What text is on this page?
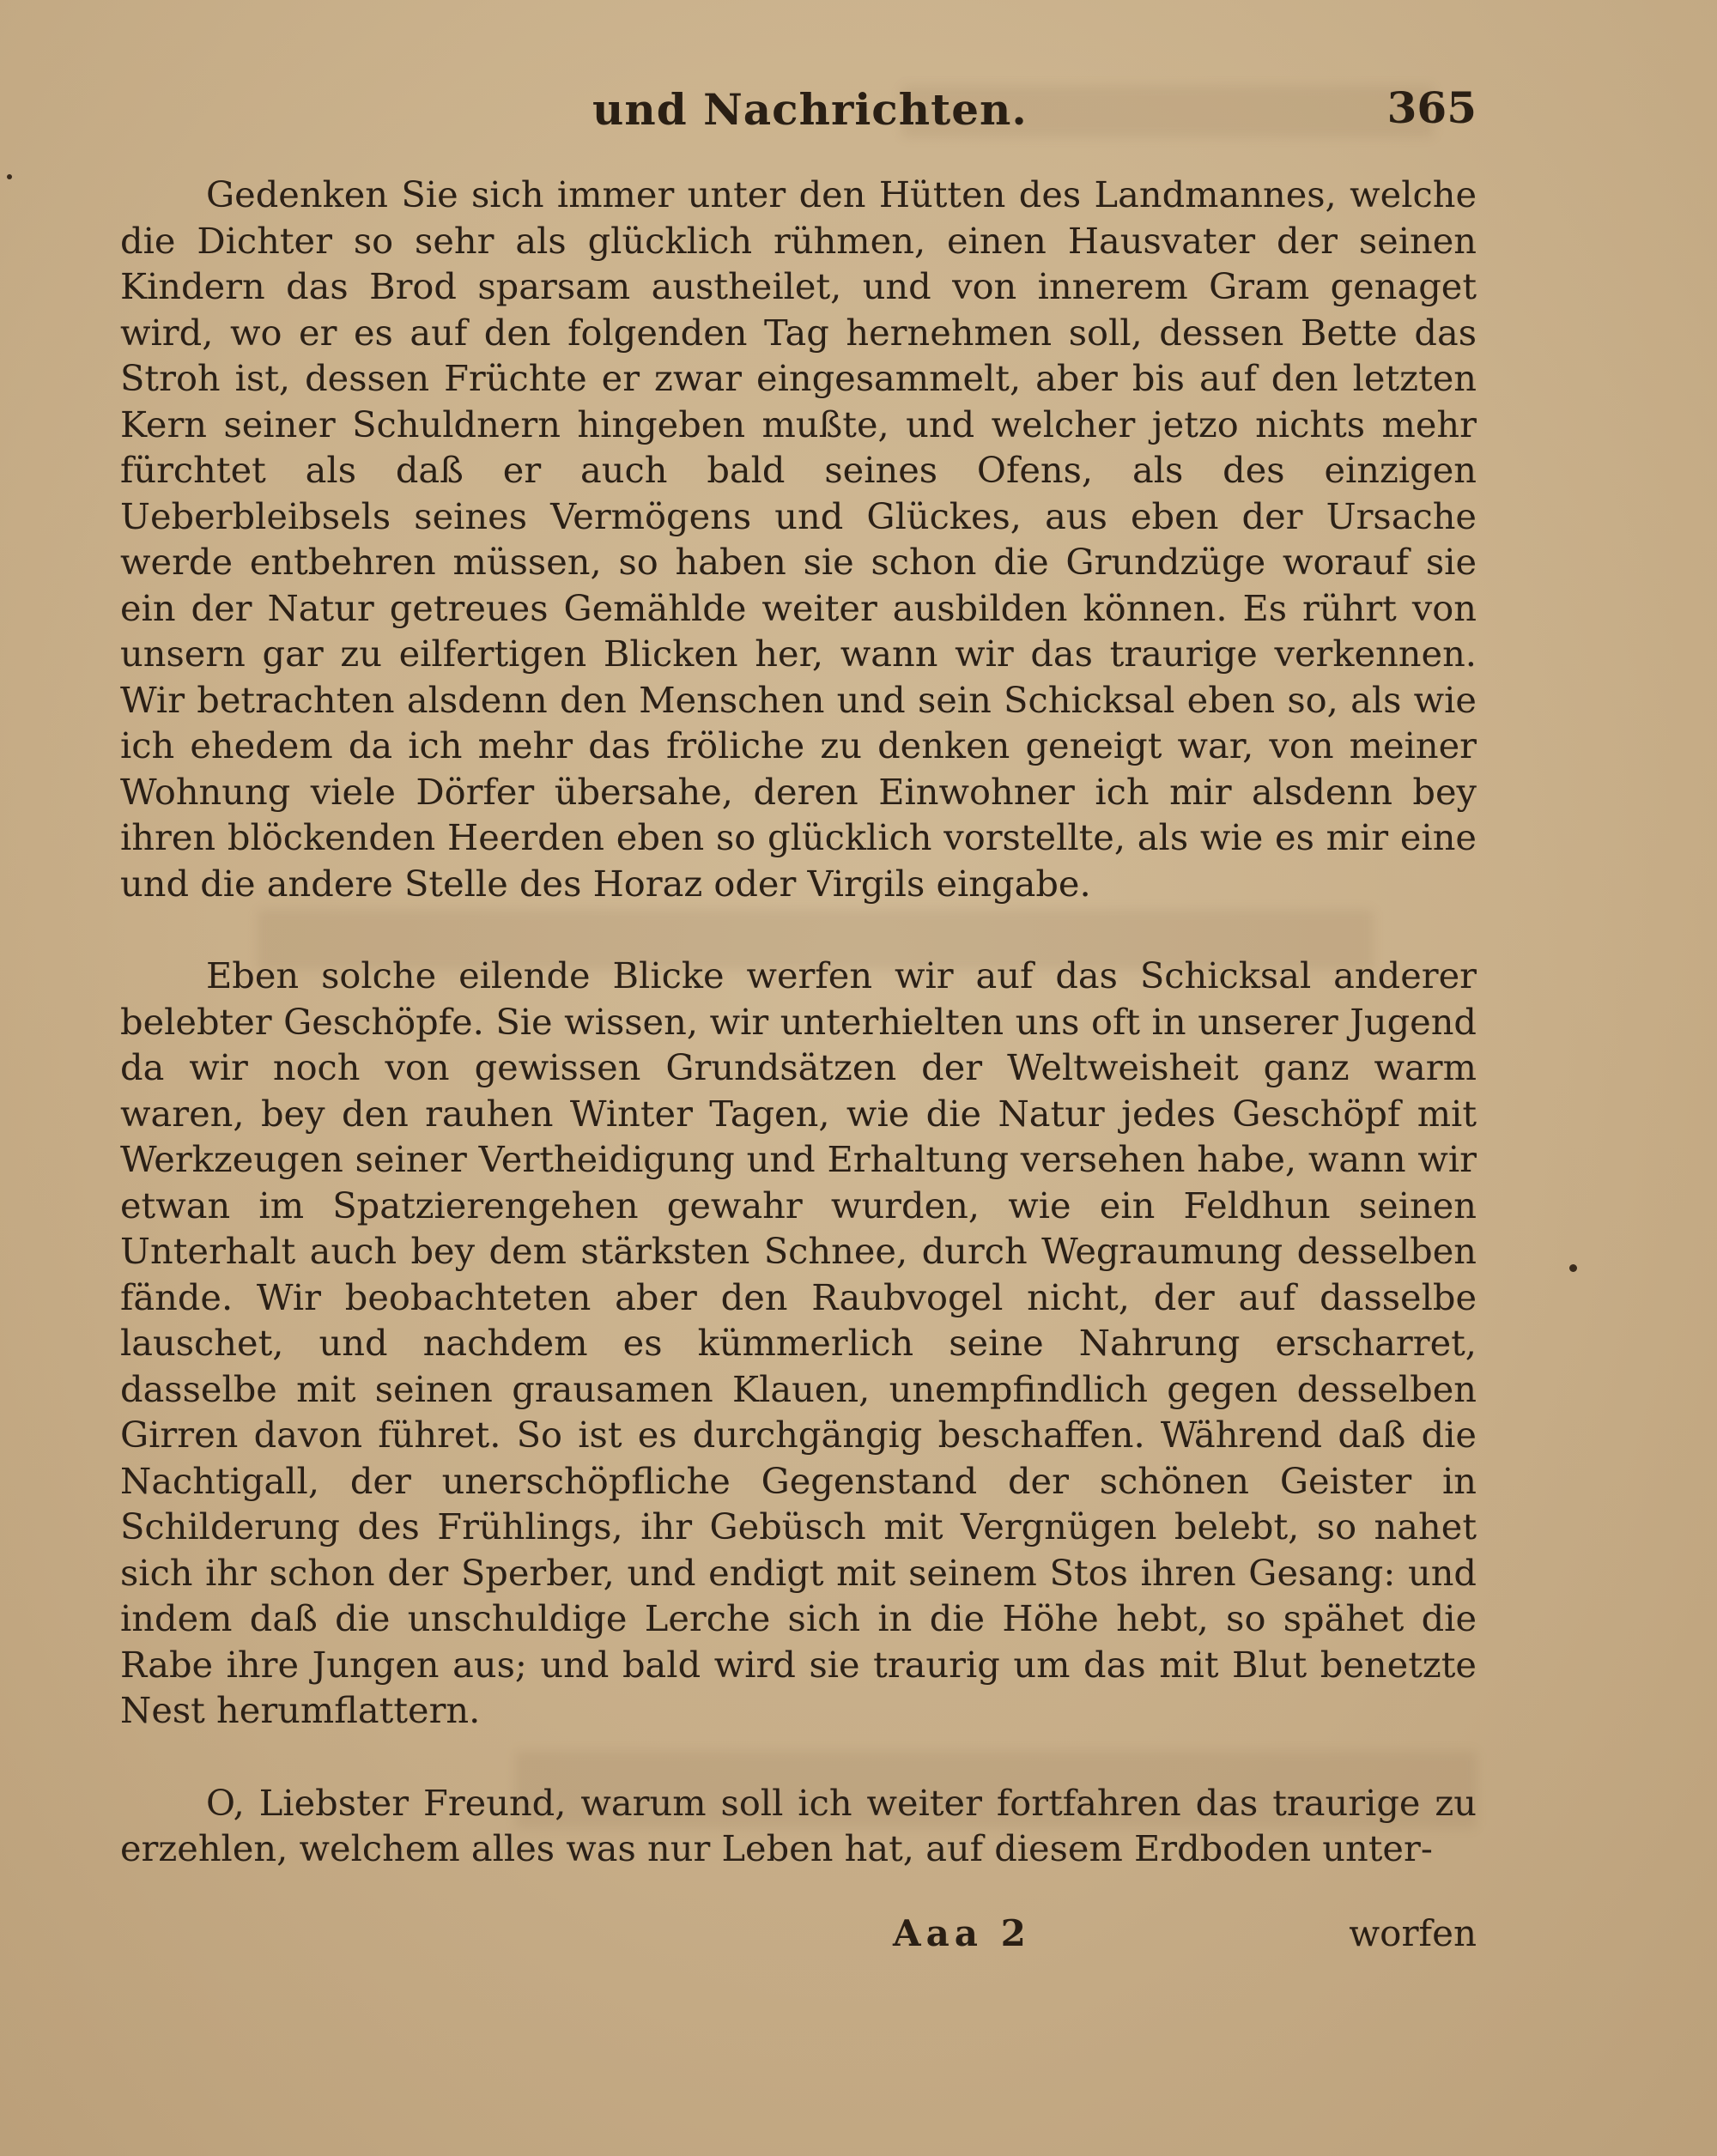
und Nachrichten.	365

Gedenken Sie sich immer unter den Hütten des Landmannes, welche die Dichter so sehr als glücklich rühmen, einen Hausvater der seinen Kindern das Brod sparsam austheilet, und von innerem Gram genaget wird, wo er es auf den folgenden Tag hernehmen soll, dessen Bette das Stroh ist, dessen Früchte er zwar eingesammelt, aber bis auf den letzten Kern seiner Schuldnern hingeben mußte, und welcher jetzo nichts mehr fürchtet als daß er auch bald seines Ofens, als des einzigen Ueberbleibsels seines Vermögens und Glückes, aus eben der Ursache werde entbehren müssen, so haben sie schon die Grundzüge worauf sie ein der Natur getreues Gemählde weiter ausbilden können. Es rührt von unsern gar zu eilfertigen Blicken her, wann wir das traurige verkennen. Wir betrachten alsdenn den Menschen und sein Schicksal eben so, als wie ich ehedem da ich mehr das fröliche zu denken geneigt war, von meiner Wohnung viele Dörfer übersahe, deren Einwohner ich mir alsdenn bey ihren blöckenden Heerden eben so glücklich vorstellte, als wie es mir eine und die andere Stelle des Horaz oder Virgils eingabe.

Eben solche eilende Blicke werfen wir auf das Schicksal anderer belebter Geschöpfe. Sie wissen, wir unterhielten uns oft in unserer Jugend da wir noch von gewissen Grundsätzen der Weltweisheit ganz warm waren, bey den rauhen Winter Tagen, wie die Natur jedes Geschöpf mit Werkzeugen seiner Vertheidigung und Erhaltung versehen habe, wann wir etwan im Spatzierengehen gewahr wurden, wie ein Feldhun seinen Unterhalt auch bey dem stärksten Schnee, durch Wegraumung desselben fände. Wir beobachteten aber den Raubvogel nicht, der auf dasselbe lauschet, und nachdem es kümmerlich seine Nahrung erscharret, dasselbe mit seinen grausamen Klauen, unempfindlich gegen desselben Girren davon führet. So ist es durchgängig beschaffen. Während daß die Nachtigall, der unerschöpfliche Gegenstand der schönen Geister in Schilderung des Frühlings, ihr Gebüsch mit Vergnügen belebt, so nahet sich ihr schon der Sperber, und endigt mit seinem Stos ihren Gesang: und indem daß die unschuldige Lerche sich in die Höhe hebt, so spähet die Rabe ihre Jungen aus; und bald wird sie traurig um das mit Blut benetzte Nest herumflattern.

O, Liebster Freund, warum soll ich weiter fortfahren das traurige zu erzehlen, welchem alles was nur Leben hat, auf diesem Erdboden unter-

Aaa 2	worfen
